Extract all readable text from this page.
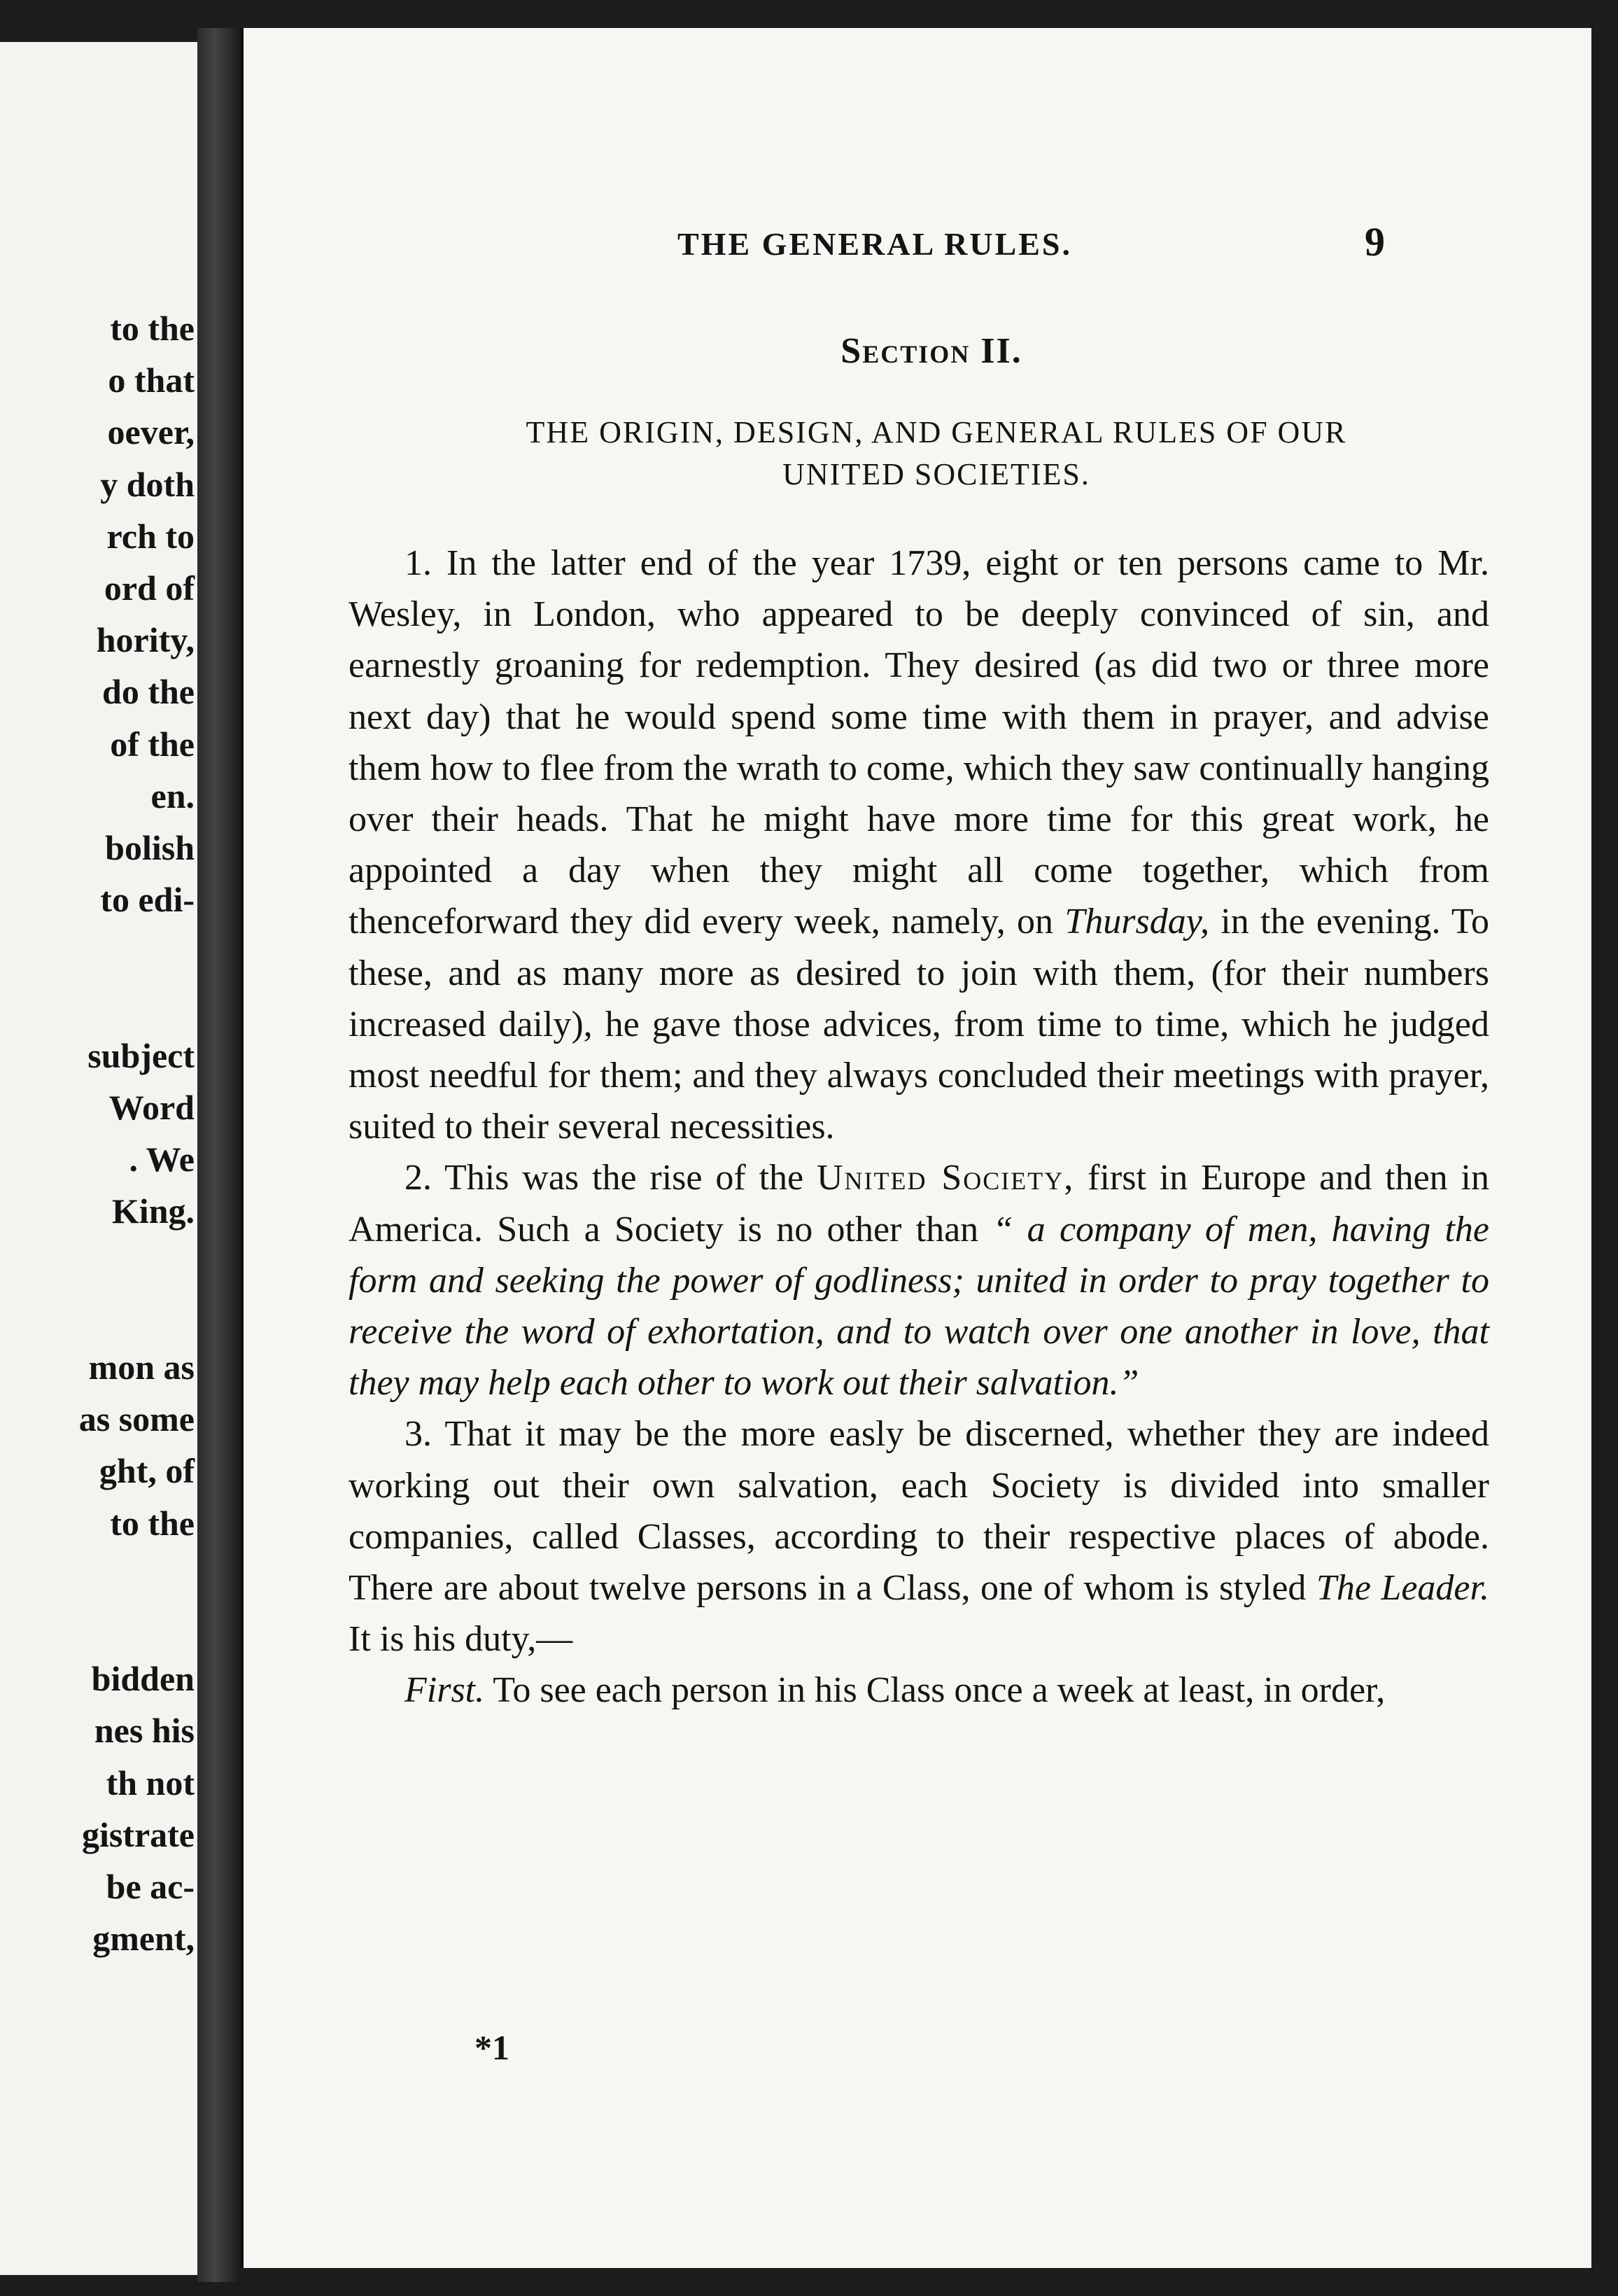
to the
o that
oever,
y doth
rch to
ord of
hority,
do the
of the
en.
bolish
to edi-
subject
Word
. We
King.
mon as
as some
ght, of
to the
bidden
nes his
th not
gistrate
be ac-
gment,
THE GENERAL RULES.	9
Section II.
THE ORIGIN, DESIGN, AND GENERAL RULES OF OUR
UNITED SOCIETIES.

1. In the latter end of the year 1739, eight or ten persons came to Mr. Wesley, in London, who appeared to be deeply convinced of sin, and earnestly groaning for redemption. They desired (as did two or three more next day) that he would spend some time with them in prayer, and advise them how to flee from the wrath to come, which they saw continually hanging over their heads. That he might have more time for this great work, he appointed a day when they might all come together, which from thenceforward they did every week, namely, on Thursday, in the evening. To these, and as many more as desired to join with them, (for their numbers increased daily), he gave those advices, from time to time, which he judged most needful for them; and they always concluded their meetings with prayer, suited to their several necessities.

2. This was the rise of the United Society, first in Europe and then in America. Such a Society is no other than “ a company of men, having the form and seeking the power of godliness; united in order to pray together to receive the word of exhortation, and to watch over one another in love, that they may help each other to work out their salvation.”

3. That it may be the more easly be discerned, whether they are indeed working out their own salvation, each Society is divided into smaller companies, called Classes, according to their respective places of abode. There are about twelve persons in a Class, one of whom is styled The Leader. It is his duty,—

First. To see each person in his Class once a week at least, in order,

*1
